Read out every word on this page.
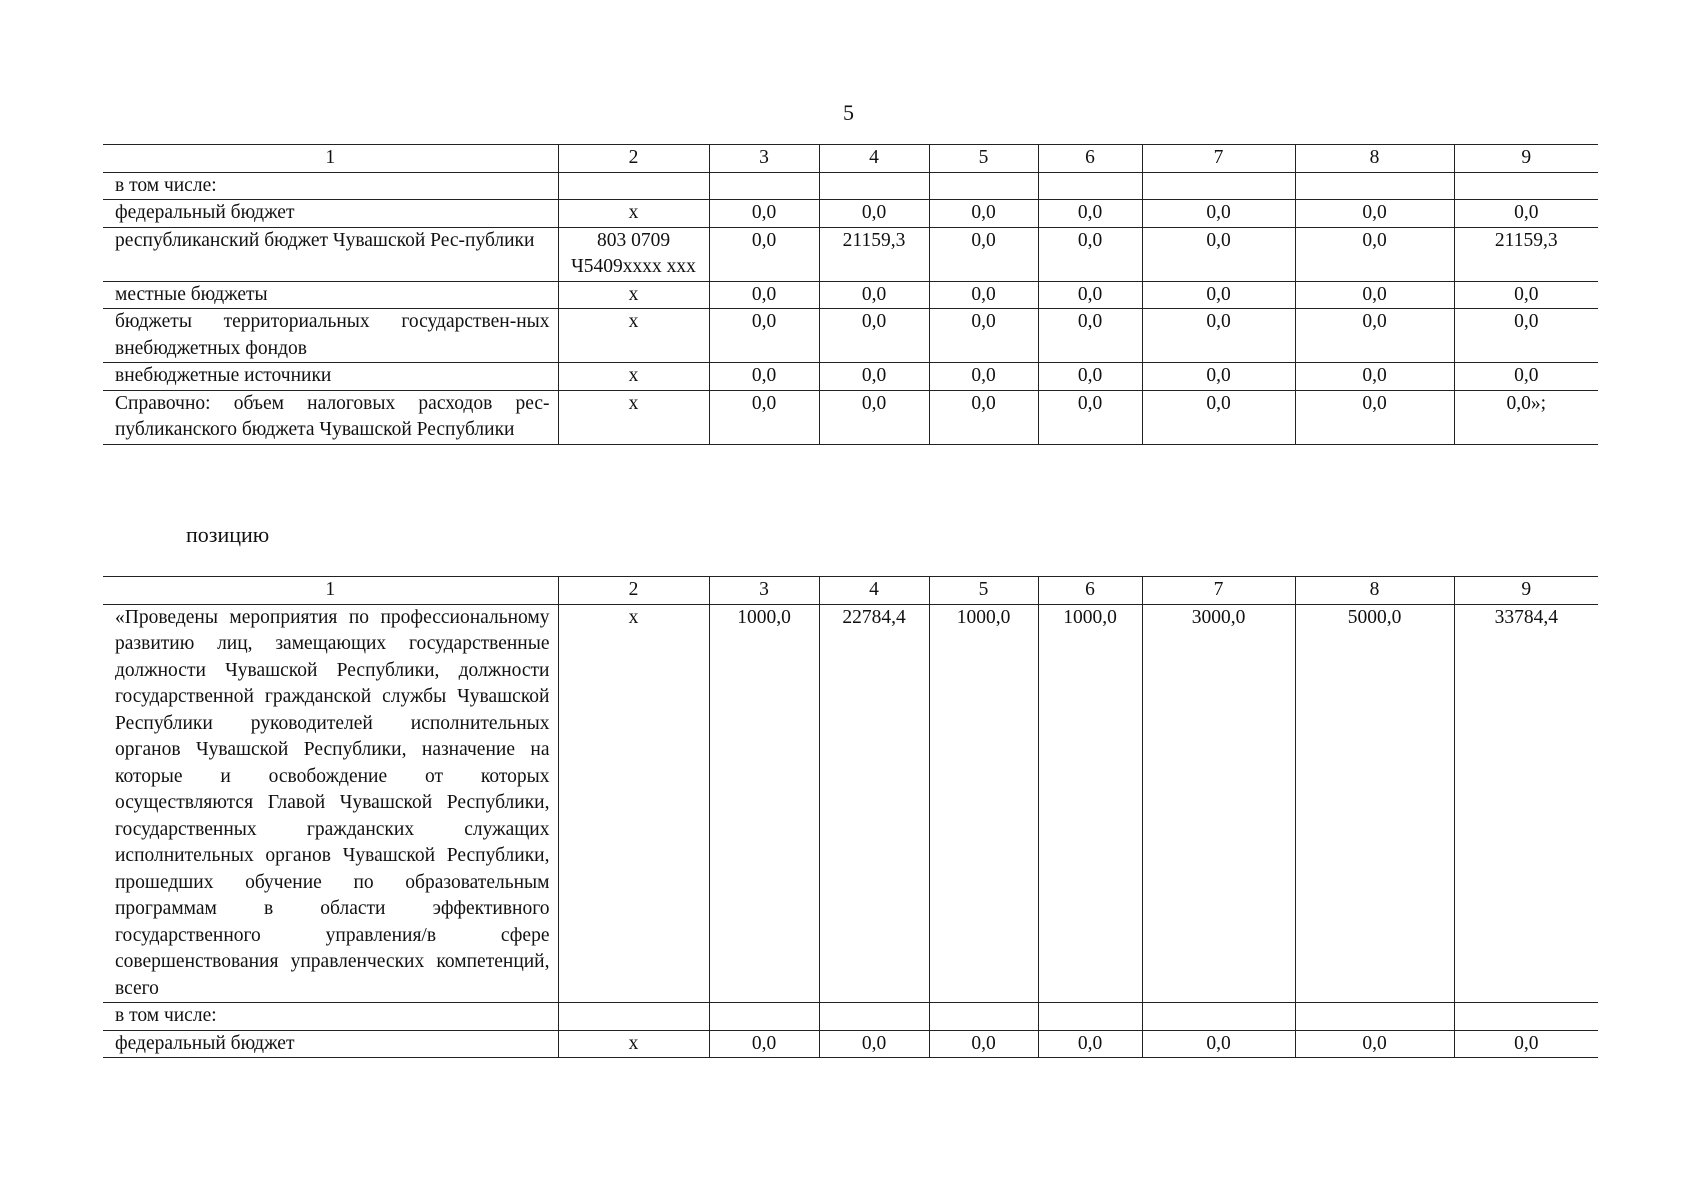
5
1	2	3	4	5	6	7	8	9
в том числе:								
федеральный бюджет	х	0,0	0,0	0,0	0,0	0,0	0,0	0,0
республиканский бюджет Чувашской Рес-публики	803 0709 Ч5409хххх ххх	0,0	21159,3	0,0	0,0	0,0	0,0	21159,3
местные бюджеты	х	0,0	0,0	0,0	0,0	0,0	0,0	0,0
бюджеты территориальных государствен-ных внебюджетных фондов	х	0,0	0,0	0,0	0,0	0,0	0,0	0,0
внебюджетные источники	х	0,0	0,0	0,0	0,0	0,0	0,0	0,0
Справочно: объем налоговых расходов рес-публиканского бюджета Чувашской Республики	х	0,0	0,0	0,0	0,0	0,0	0,0	0,0»;
позицию
1	2	3	4	5	6	7	8	9
«Проведены мероприятия по профессиональному развитию лиц, замещающих государственные должности Чувашской Республики, должности государственной гражданской службы Чувашской Республики руководителей исполнительных органов Чувашской Республики, назначение на которые и освобождение от которых осуществляются Главой Чувашской Республики, государственных гражданских служащих исполнительных органов Чувашской Республики, прошедших обучение по образовательным программам в области эффективного государственного управления/в сфере совершенствования управленческих компетенций, всего	х	1000,0	22784,4	1000,0	1000,0	3000,0	5000,0	33784,4
в том числе:								
федеральный бюджет	х	0,0	0,0	0,0	0,0	0,0	0,0	0,0
